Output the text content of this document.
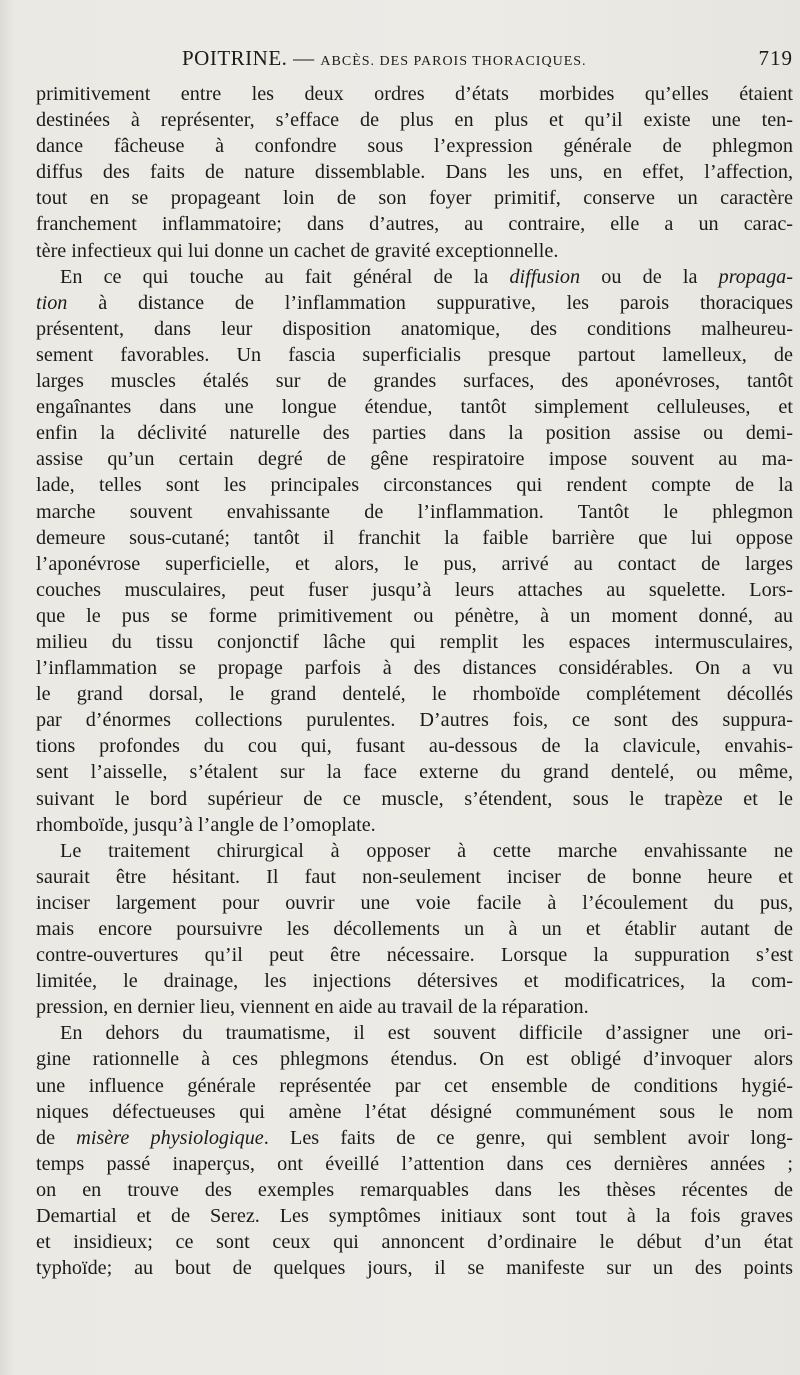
POITRINE. — ABCÈS. DES PAROIS THORACIQUES.	719
primitivement entre les deux ordres d’états morbides qu’elles étaient
destinées à représenter, s’efface de plus en plus et qu’il existe une ten-
dance fâcheuse à confondre sous l’expression générale de phlegmon
diffus des faits de nature dissemblable. Dans les uns, en effet, l’affection,
tout en se propageant loin de son foyer primitif, conserve un caractère
franchement inflammatoire; dans d’autres, au contraire, elle a un carac-
tère infectieux qui lui donne un cachet de gravité exceptionnelle.
En ce qui touche au fait général de la diffusion ou de la propaga-
tion à distance de l’inflammation suppurative, les parois thoraciques
présentent, dans leur disposition anatomique, des conditions malheureu-
sement favorables. Un fascia superficialis presque partout lamelleux, de
larges muscles étalés sur de grandes surfaces, des aponévroses, tantôt
engaînantes dans une longue étendue, tantôt simplement celluleuses, et
enfin la déclivité naturelle des parties dans la position assise ou demi-
assise qu’un certain degré de gêne respiratoire impose souvent au ma-
lade, telles sont les principales circonstances qui rendent compte de la
marche souvent envahissante de l’inflammation. Tantôt le phlegmon
demeure sous-cutané; tantôt il franchit la faible barrière que lui oppose
l’aponévrose superficielle, et alors, le pus, arrivé au contact de larges
couches musculaires, peut fuser jusqu’à leurs attaches au squelette. Lors-
que le pus se forme primitivement ou pénètre, à un moment donné, au
milieu du tissu conjonctif lâche qui remplit les espaces intermusculaires,
l’inflammation se propage parfois à des distances considérables. On a vu
le grand dorsal, le grand dentelé, le rhomboïde complétement décollés
par d’énormes collections purulentes. D’autres fois, ce sont des suppura-
tions profondes du cou qui, fusant au-dessous de la clavicule, envahis-
sent l’aisselle, s’étalent sur la face externe du grand dentelé, ou même,
suivant le bord supérieur de ce muscle, s’étendent, sous le trapèze et le
rhomboïde, jusqu’à l’angle de l’omoplate.
Le traitement chirurgical à opposer à cette marche envahissante ne
saurait être hésitant. Il faut non-seulement inciser de bonne heure et
inciser largement pour ouvrir une voie facile à l’écoulement du pus,
mais encore poursuivre les décollements un à un et établir autant de
contre-ouvertures qu’il peut être nécessaire. Lorsque la suppuration s’est
limitée, le drainage, les injections détersives et modificatrices, la com-
pression, en dernier lieu, viennent en aide au travail de la réparation.
En dehors du traumatisme, il est souvent difficile d’assigner une ori-
gine rationnelle à ces phlegmons étendus. On est obligé d’invoquer alors
une influence générale représentée par cet ensemble de conditions hygié-
niques défectueuses qui amène l’état désigné communément sous le nom
de misère physiologique. Les faits de ce genre, qui semblent avoir long-
temps passé inaperçus, ont éveillé l’attention dans ces dernières années ;
on en trouve des exemples remarquables dans les thèses récentes de
Demartial et de Serez. Les symptômes initiaux sont tout à la fois graves
et insidieux; ce sont ceux qui annoncent d’ordinaire le début d’un état
typhoïde; au bout de quelques jours, il se manifeste sur un des points
